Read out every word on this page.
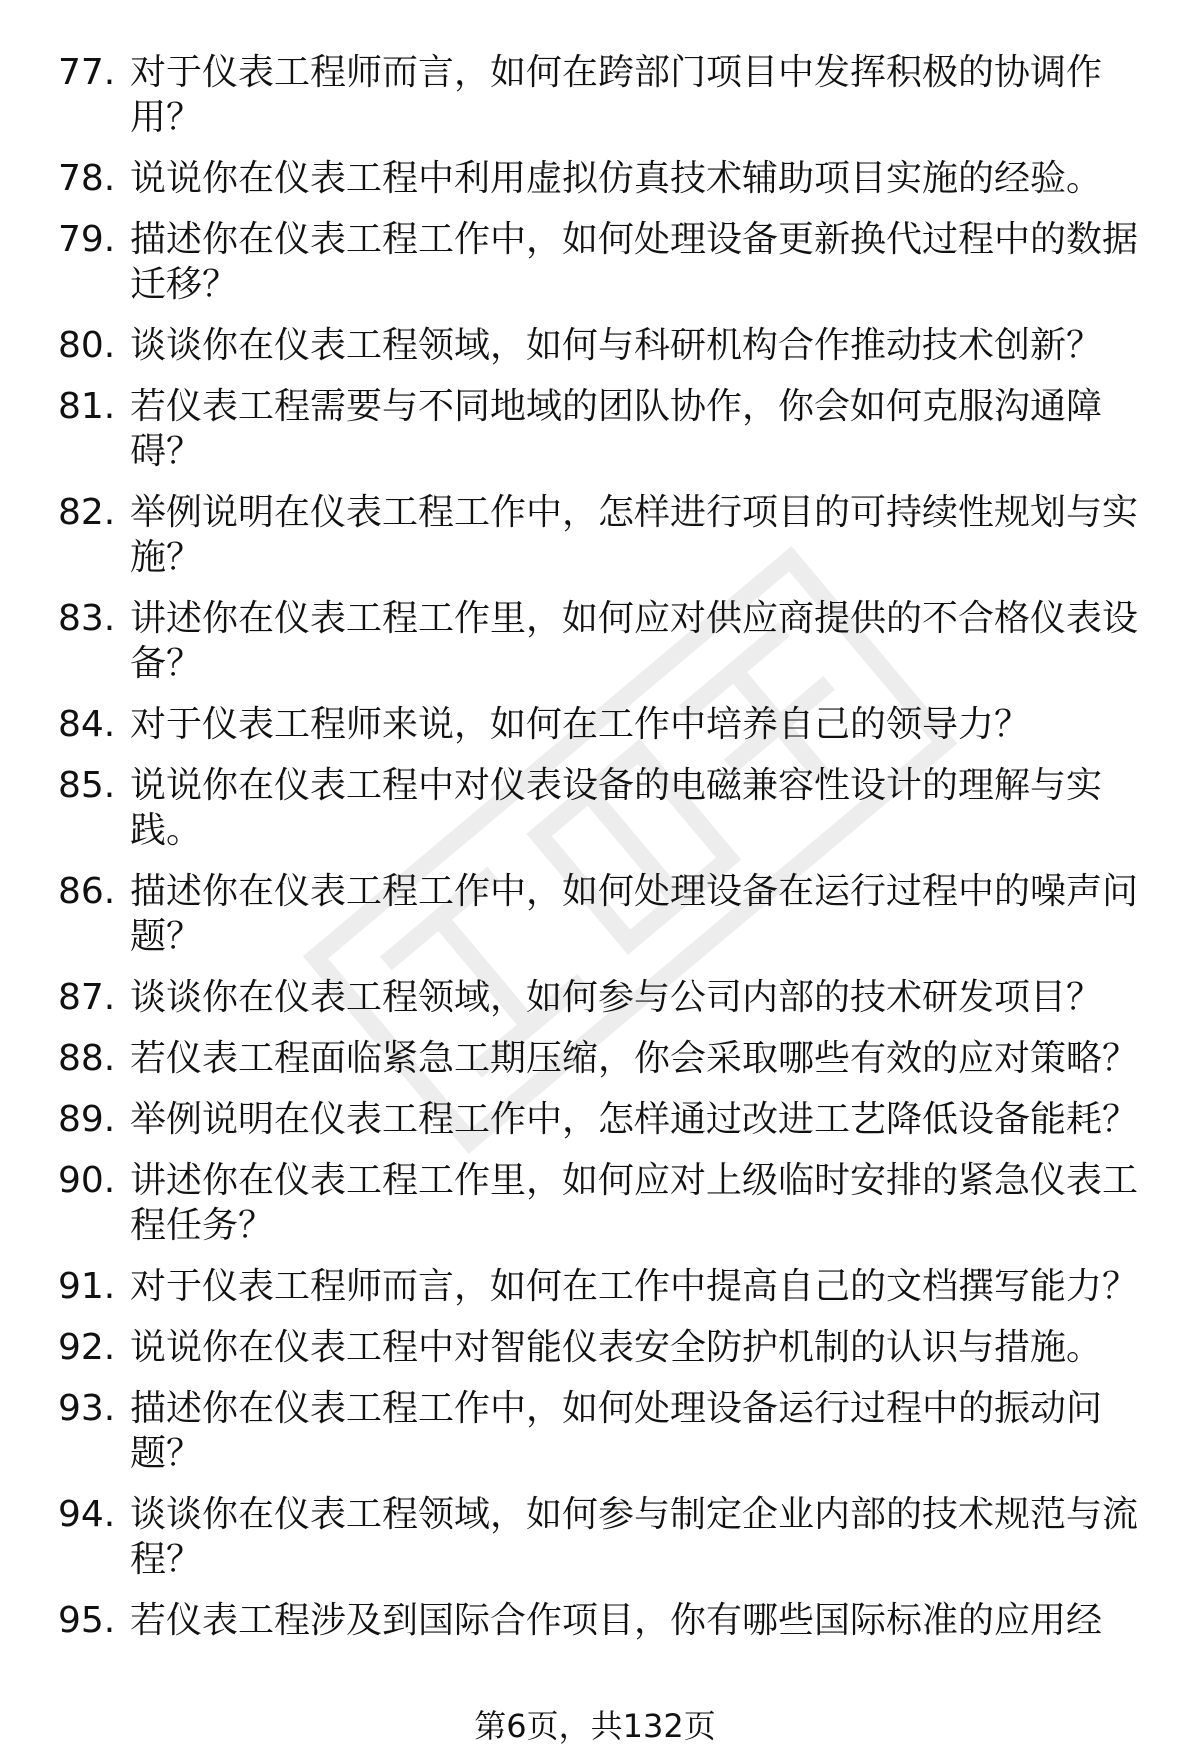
77. 对于仪表工程师而言，如何在跨部门项目中发挥积极的协调作用？
78. 说说你在仪表工程中利用虚拟仿真技术辅助项目实施的经验。
79. 描述你在仪表工程工作中，如何处理设备更新换代过程中的数据迁移？
80. 谈谈你在仪表工程领域，如何与科研机构合作推动技术创新？
81. 若仪表工程需要与不同地域的团队协作，你会如何克服沟通障碍？
82. 举例说明在仪表工程工作中，怎样进行项目的可持续性规划与实施？
83. 讲述你在仪表工程工作里，如何应对供应商提供的不合格仪表设备？
84. 对于仪表工程师来说，如何在工作中培养自己的领导力？
85. 说说你在仪表工程中对仪表设备的电磁兼容性设计的理解与实践。
86. 描述你在仪表工程工作中，如何处理设备在运行过程中的噪声问题？
87. 谈谈你在仪表工程领域，如何参与公司内部的技术研发项目？
88. 若仪表工程面临紧急工期压缩，你会采取哪些有效的应对策略？
89. 举例说明在仪表工程工作中，怎样通过改进工艺降低设备能耗？
90. 讲述你在仪表工程工作里，如何应对上级临时安排的紧急仪表工程任务？
91. 对于仪表工程师而言，如何在工作中提高自己的文档撰写能力？
92. 说说你在仪表工程中对智能仪表安全防护机制的认识与措施。
93. 描述你在仪表工程工作中，如何处理设备运行过程中的振动问题？
94. 谈谈你在仪表工程领域，如何参与制定企业内部的技术规范与流程？
95. 若仪表工程涉及到国际合作项目，你有哪些国际标准的应用经
第6页，共132页
